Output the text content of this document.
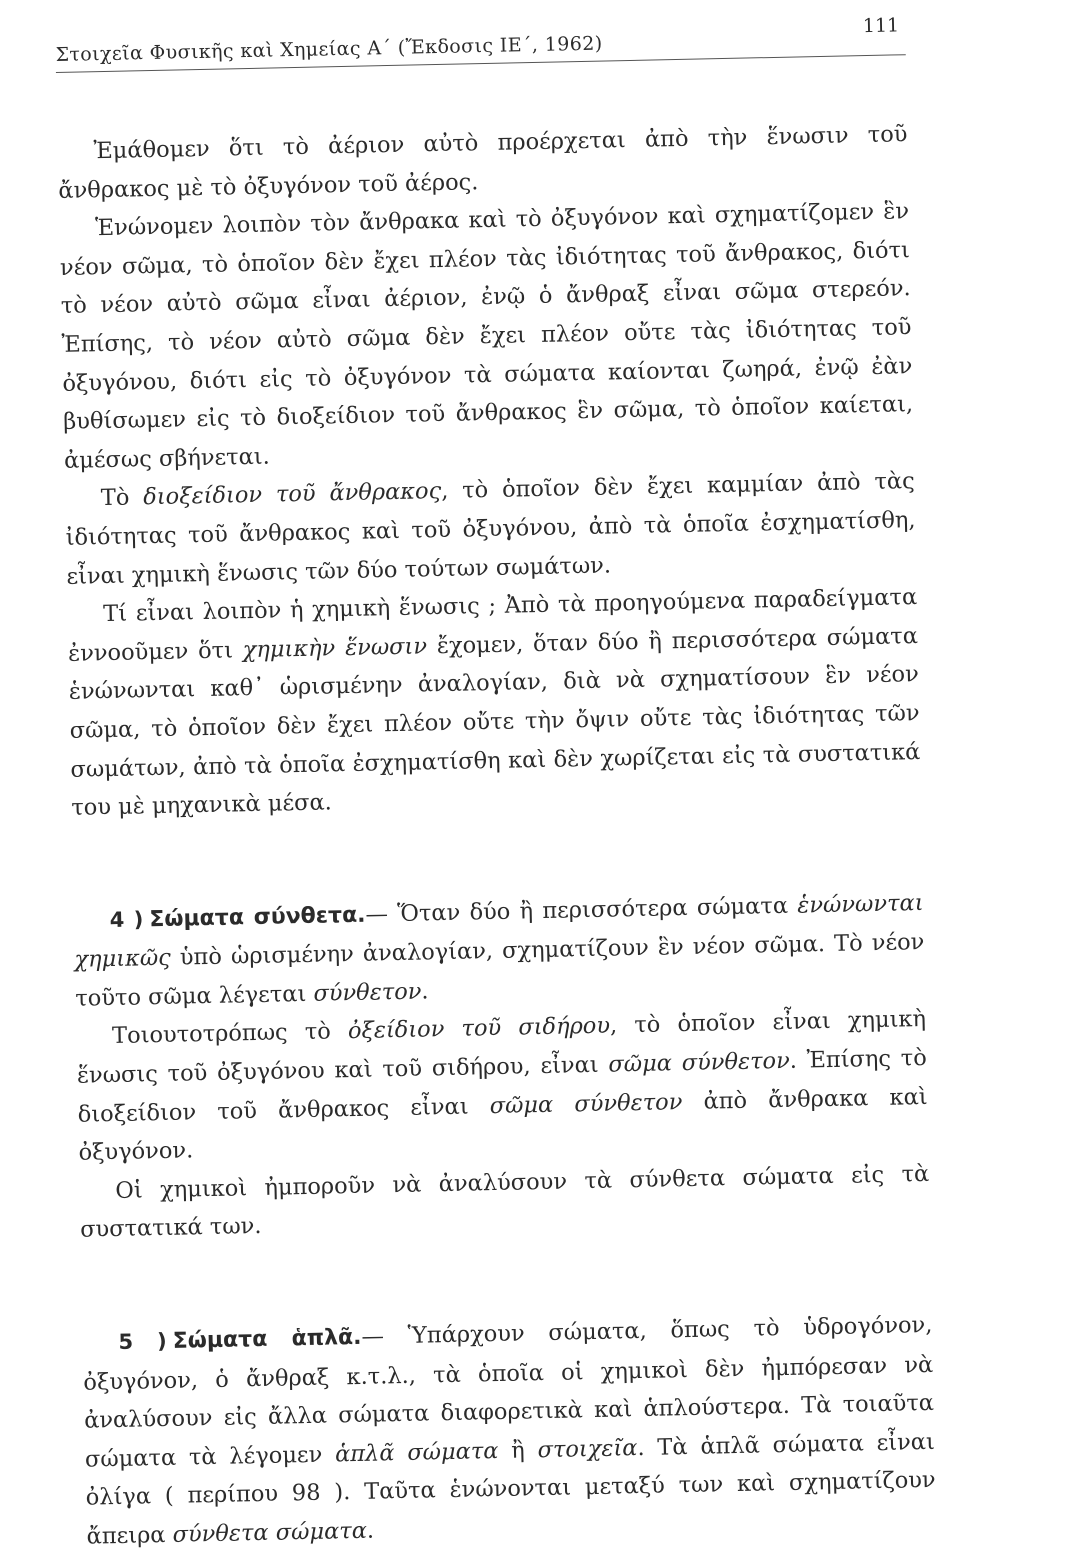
Στοιχεῖα Φυσικῆς καὶ Χημείας Α΄ (Ἔκδοσις ΙΕ΄, 1962)
111

Ἐμάθομεν ὅτι τὸ ἀέριον αὐτὸ προέρχεται ἀπὸ τὴν ἕνωσιν τοῦ ἄνθρακος μὲ τὸ ὀξυγόνον τοῦ ἀέρος.

Ἑνώνομεν λοιπὸν τὸν ἄνθρακα καὶ τὸ ὀξυγόνον καὶ σχηματίζομεν ἓν νέον σῶμα, τὸ ὁποῖον δὲν ἔχει πλέον τὰς ἰδιότητας τοῦ ἄνθρακος, διότι τὸ νέον αὐτὸ σῶμα εἶναι ἀέριον, ἐνῷ ὁ ἄνθραξ εἶναι σῶμα στερεόν. Ἐπίσης, τὸ νέον αὐτὸ σῶμα δὲν ἔχει πλέον οὔτε τὰς ἰδιότητας τοῦ ὀξυγόνου, διότι εἰς τὸ ὀξυγόνον τὰ σώματα καίονται ζωηρά, ἐνῷ ἐὰν βυθίσωμεν εἰς τὸ διοξείδιον τοῦ ἄνθρακος ἓν σῶμα, τὸ ὁποῖον καίεται, ἀμέσως σβήνεται.

Τὸ διοξείδιον τοῦ ἄνθρακος, τὸ ὁποῖον δὲν ἔχει καμμίαν ἀπὸ τὰς ἰδιότητας τοῦ ἄνθρακος καὶ τοῦ ὀξυγόνου, ἀπὸ τὰ ὁποῖα ἐσχηματίσθη, εἶναι χημικὴ ἕνωσις τῶν δύο τούτων σωμάτων.

Τί εἶναι λοιπὸν ἡ χημικὴ ἕνωσις ; Ἀπὸ τὰ προηγούμενα παραδείγματα ἐννοοῦμεν ὅτι χημικὴν ἕνωσιν ἔχομεν, ὅταν δύο ἢ περισσότερα σώματα ἑνώνωνται καθ᾽ ὡρισμένην ἀναλογίαν, διὰ νὰ σχηματίσουν ἓν νέον σῶμα, τὸ ὁποῖον δὲν ἔχει πλέον οὔτε τὴν ὄψιν οὔτε τὰς ἰδιότητας τῶν σωμάτων, ἀπὸ τὰ ὁποῖα ἐσχηματίσθη καὶ δὲν χωρίζεται εἰς τὰ συστατικά του μὲ μηχανικὰ μέσα.

4 ) Σώματα σύνθετα.— Ὅταν δύο ἢ περισσότερα σώματα ἑνώνωνται χημικῶς ὑπὸ ὡρισμένην ἀναλογίαν, σχηματίζουν ἓν νέον σῶμα. Τὸ νέον τοῦτο σῶμα λέγεται σύνθετον.

Τοιουτοτρόπως τὸ ὀξείδιον τοῦ σιδήρου, τὸ ὁποῖον εἶναι χημικὴ ἕνωσις τοῦ ὀξυγόνου καὶ τοῦ σιδήρου, εἶναι σῶμα σύνθετον. Ἐπίσης τὸ διοξείδιον τοῦ ἄνθρακος εἶναι σῶμα σύνθετον ἀπὸ ἄνθρακα καὶ ὀξυγόνον.

Οἱ χημικοὶ ἠμποροῦν νὰ ἀναλύσουν τὰ σύνθετα σώματα εἰς τὰ συστατικά των.

5 ) Σώματα ἁπλᾶ.— Ὑπάρχουν σώματα, ὅπως τὸ ὑδρογόνον, ὀξυγόνον, ὁ ἄνθραξ κ.τ.λ., τὰ ὁποῖα οἱ χημικοὶ δὲν ἠμπόρεσαν νὰ ἀναλύσουν εἰς ἄλλα σώματα διαφορετικὰ καὶ ἁπλούστερα. Τὰ τοιαῦτα σώματα τὰ λέγομεν ἁπλᾶ σώματα ἢ στοιχεῖα. Τὰ ἁπλᾶ σώματα εἶναι ὀλίγα ( περίπου 98 ). Ταῦτα ἑνώνονται μεταξύ των καὶ σχηματίζουν ἄπειρα σύνθετα σώματα.
